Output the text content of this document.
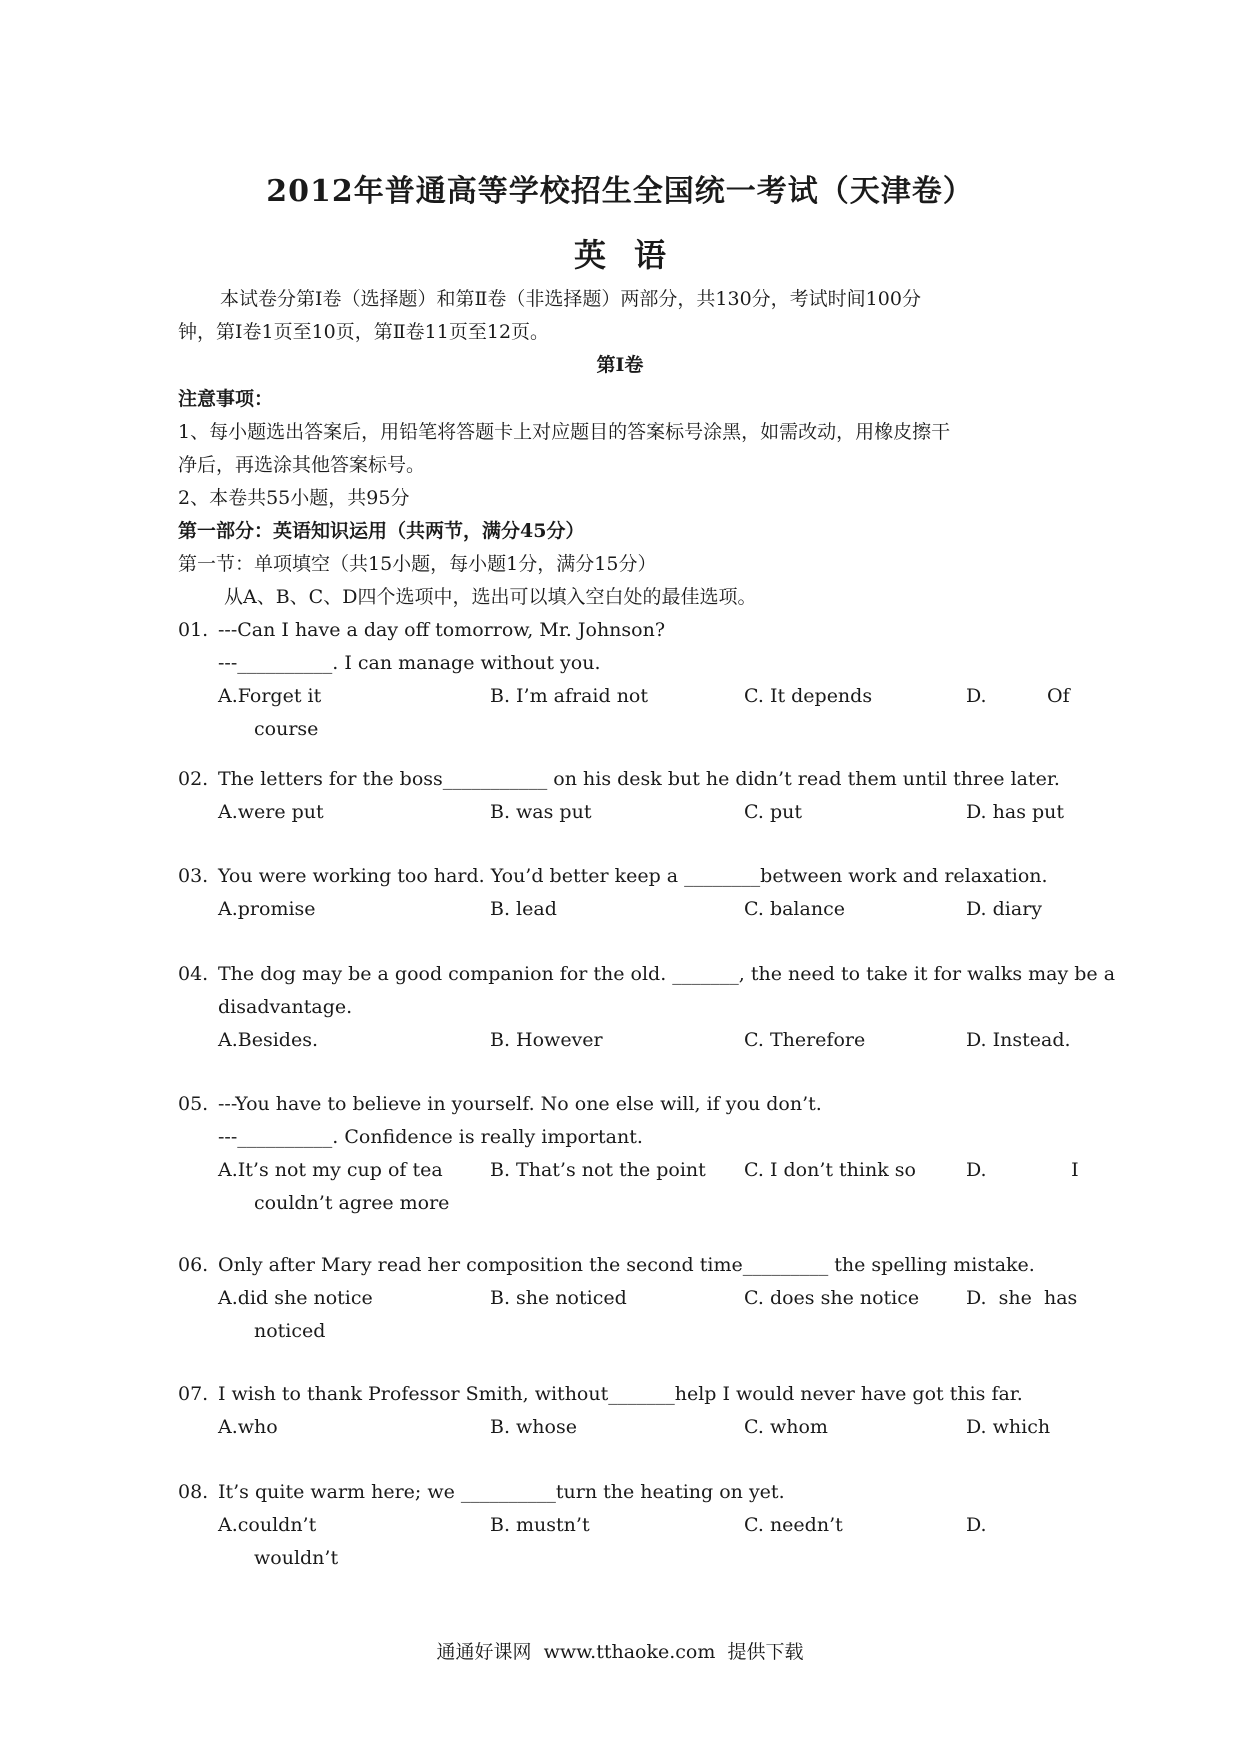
2012年普通高等学校招生全国统一考试（天津卷）
英语
本试卷分第Ⅰ卷（选择题）和第Ⅱ卷（非选择题）两部分，共130分，考试时间100分
钟，第Ⅰ卷1页至10页，第Ⅱ卷11页至12页。
第Ⅰ卷
注意事项：
1、每小题选出答案后，用铅笔将答题卡上对应题目的答案标号涂黑，如需改动，用橡皮擦干
净后，再选涂其他答案标号。
2、本卷共55小题，共95分
第一部分：英语知识运用（共两节，满分45分）
第一节：单项填空（共15小题，每小题1分，满分15分）
从A、B、C、D四个选项中，选出可以填入空白处的最佳选项。
01. ---Can I have a day off tomorrow, Mr. Johnson?
---__________. I can manage without you.
A.Forget it	B. I’m afraid not	C. It depends	D.          Of
course
02. The letters for the boss___________ on his desk but he didn’t read them until three later.
A.were put	B. was put	C. put	D. has put
03. You were working too hard. You’d better keep a ________between work and relaxation.
A.promise	B. lead	C. balance	D. diary
04. The dog may be a good companion for the old. _______, the need to take it for walks may be a
disadvantage.
A.Besides.	B. However	C. Therefore	D. Instead.
05. ---You have to believe in yourself. No one else will, if you don’t.
---__________. Confidence is really important.
A.It’s not my cup of tea B. That’s not the point C. I don’t think so	D.              I
couldn’t agree more
06. Only after Mary read her composition the second time_________ the spelling mistake.
A.did she notice	B. she noticed	C. does she notice D.  she  has
noticed
07. I wish to thank Professor Smith, without_______help I would never have got this far.
A.who	B. whose	C. whom	D. which
08. It’s quite warm here; we __________turn the heating on yet.
A.couldn’t	B. mustn’t	C. needn’t	D.
wouldn’t
通通好课网  www.tthaoke.com  提供下载
